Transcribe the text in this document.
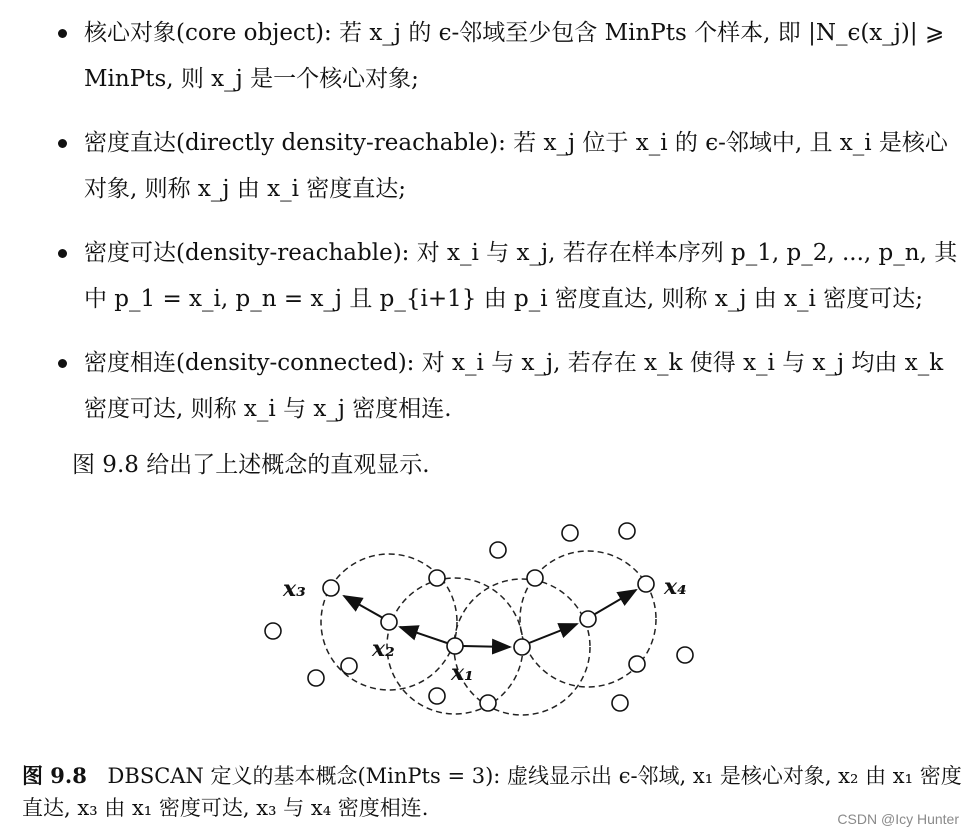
核心对象(core object): 若 x_j 的 ϵ-邻域至少包含 MinPts 个样本, 即 |N_ϵ(x_j)| ⩾ MinPts, 则 x_j 是一个核心对象;
密度直达(directly density-reachable): 若 x_j 位于 x_i 的 ϵ-邻域中, 且 x_i 是核心对象, 则称 x_j 由 x_i 密度直达;
密度可达(density-reachable): 对 x_i 与 x_j, 若存在样本序列 p_1, p_2, ..., p_n, 其中 p_1 = x_i, p_n = x_j 且 p_{i+1} 由 p_i 密度直达, 则称 x_j 由 x_i 密度可达;
密度相连(density-connected): 对 x_i 与 x_j, 若存在 x_k 使得 x_i 与 x_j 均由 x_k 密度可达, 则称 x_i 与 x_j 密度相连.
图 9.8 给出了上述概念的直观显示.
x₃
x₂
x₁
x₄
图 9.8 DBSCAN 定义的基本概念(MinPts = 3): 虚线显示出 ϵ-邻域, x₁ 是核心对象, x₂ 由 x₁ 密度直达, x₃ 由 x₁ 密度可达, x₃ 与 x₄ 密度相连.	CSDN @Icy Hunter
